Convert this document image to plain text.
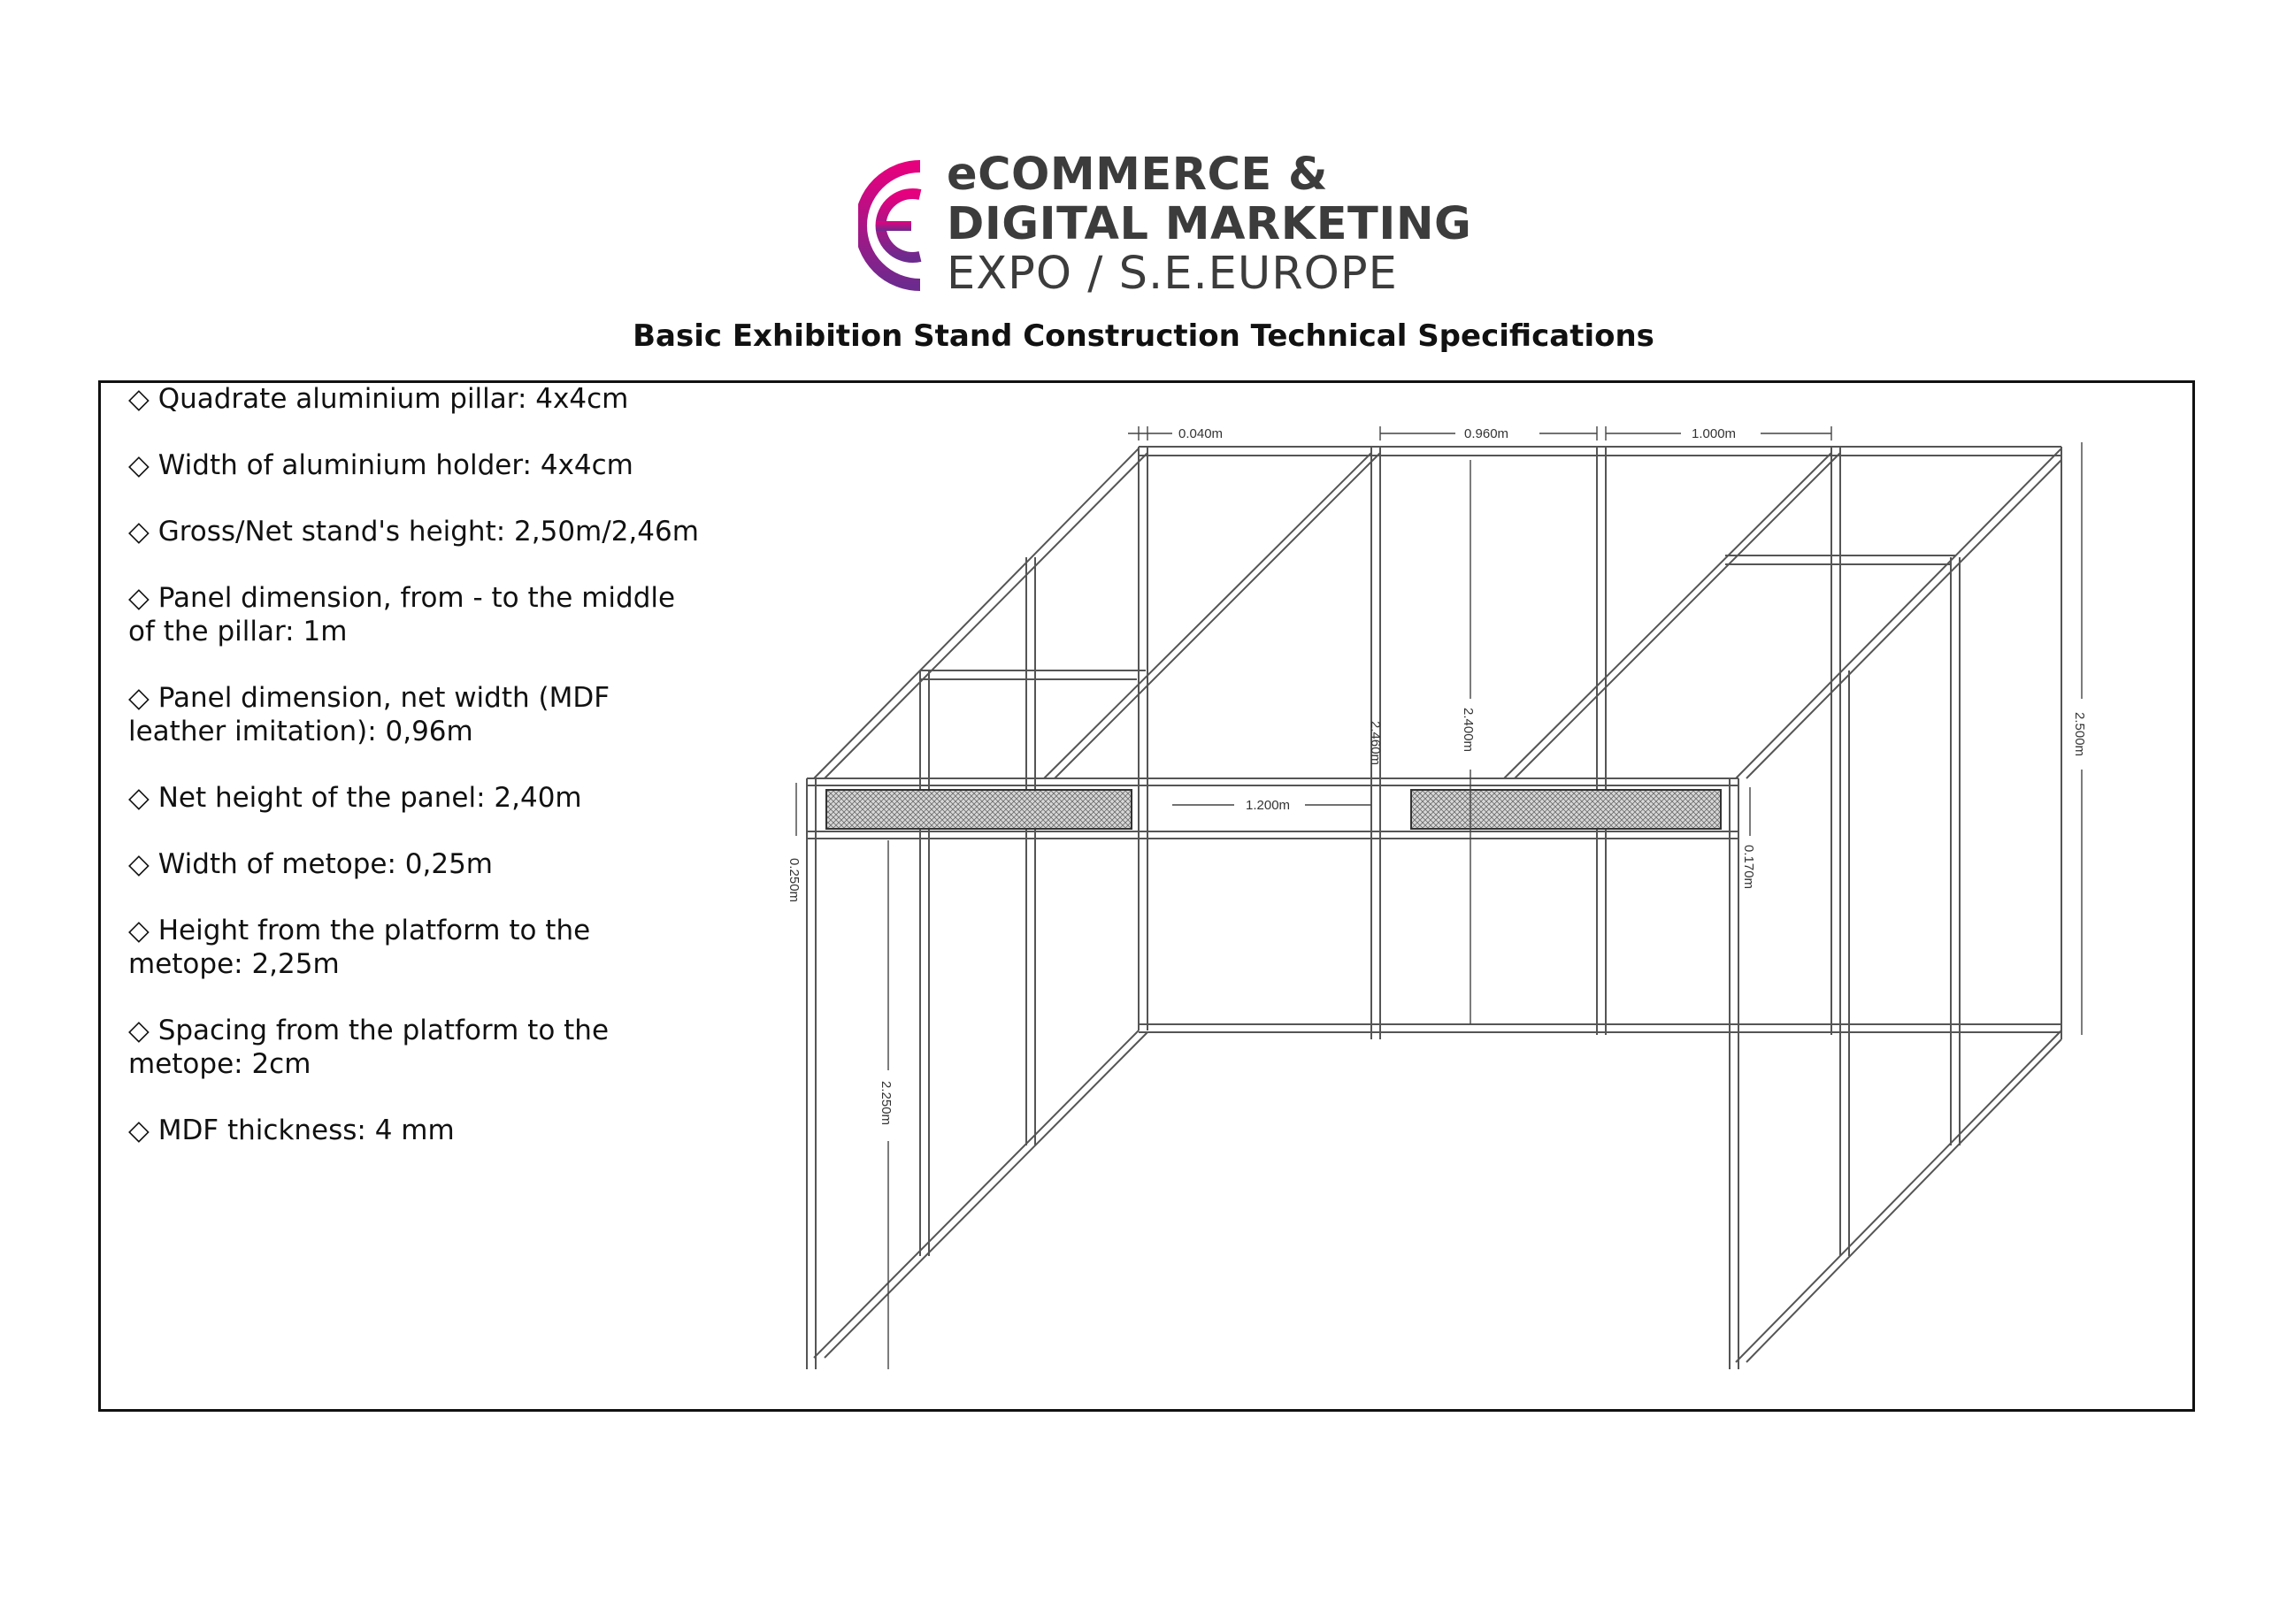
eCOMMERCE &
DIGITAL MARKETING
EXPO / S.E.EUROPE
Basic Exhibition Stand Construction Technical Specifications
◇ Quadrate aluminium pillar: 4x4cm
◇ Width of aluminium holder: 4x4cm
◇ Gross/Net stand's height: 2,50m/2,46m
◇ Panel dimension, from - to the middle of the pillar: 1m
◇ Panel dimension, net width (MDF leather imitation): 0,96m
◇ Net height of the panel: 2,40m
◇ Width of metope: 0,25m
◇ Height from the platform to the metope: 2,25m
◇ Spacing from the platform to the metope: 2cm
◇ MDF thickness: 4 mm
0.040m	0.960m	1.000m
1.200m
2.400m
2.460m	2.500m
0.250m	0.170m
2.250m
